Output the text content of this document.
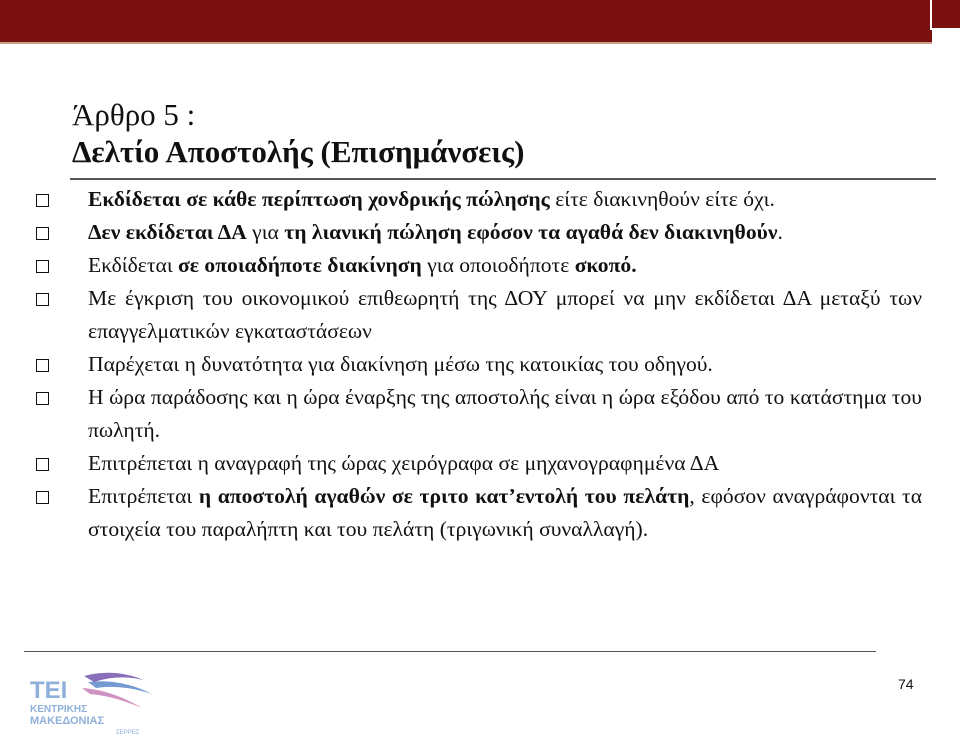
Άρθρο 5 :
Δελτίο Αποστολής (Επισημάνσεις)
Εκδίδεται σε κάθε περίπτωση χονδρικής πώλησης είτε διακινηθούν είτε όχι.
Δεν εκδίδεται ΔΑ για τη λιανική πώληση εφόσον τα αγαθά δεν διακινηθούν.
Εκδίδεται σε οποιαδήποτε διακίνηση για οποιοδήποτε σκοπό.
Με έγκριση του οικονομικού επιθεωρητή της ΔΟΥ μπορεί να μην εκδίδεται ΔΑ μεταξύ των επαγγελματικών εγκαταστάσεων
Παρέχεται η δυνατότητα για διακίνηση μέσω της κατοικίας του οδηγού.
Η ώρα παράδοσης και η ώρα έναρξης της αποστολής είναι η ώρα εξόδου από το κατάστημα του πωλητή.
Επιτρέπεται η αναγραφή της ώρας χειρόγραφα σε μηχανογραφημένα ΔΑ
Επιτρέπεται η αποστολή αγαθών σε τριτο κατ’εντολή του πελάτη, εφόσον αναγράφονται τα στοιχεία του παραλήπτη και του πελάτη (τριγωνική συναλλαγή).
ΤΕΙ
ΚΕΝΤΡΙΚΗΣ
ΜΑΚΕΔΟΝΙΑΣ
ΣΕΡΡΕΣ
74
